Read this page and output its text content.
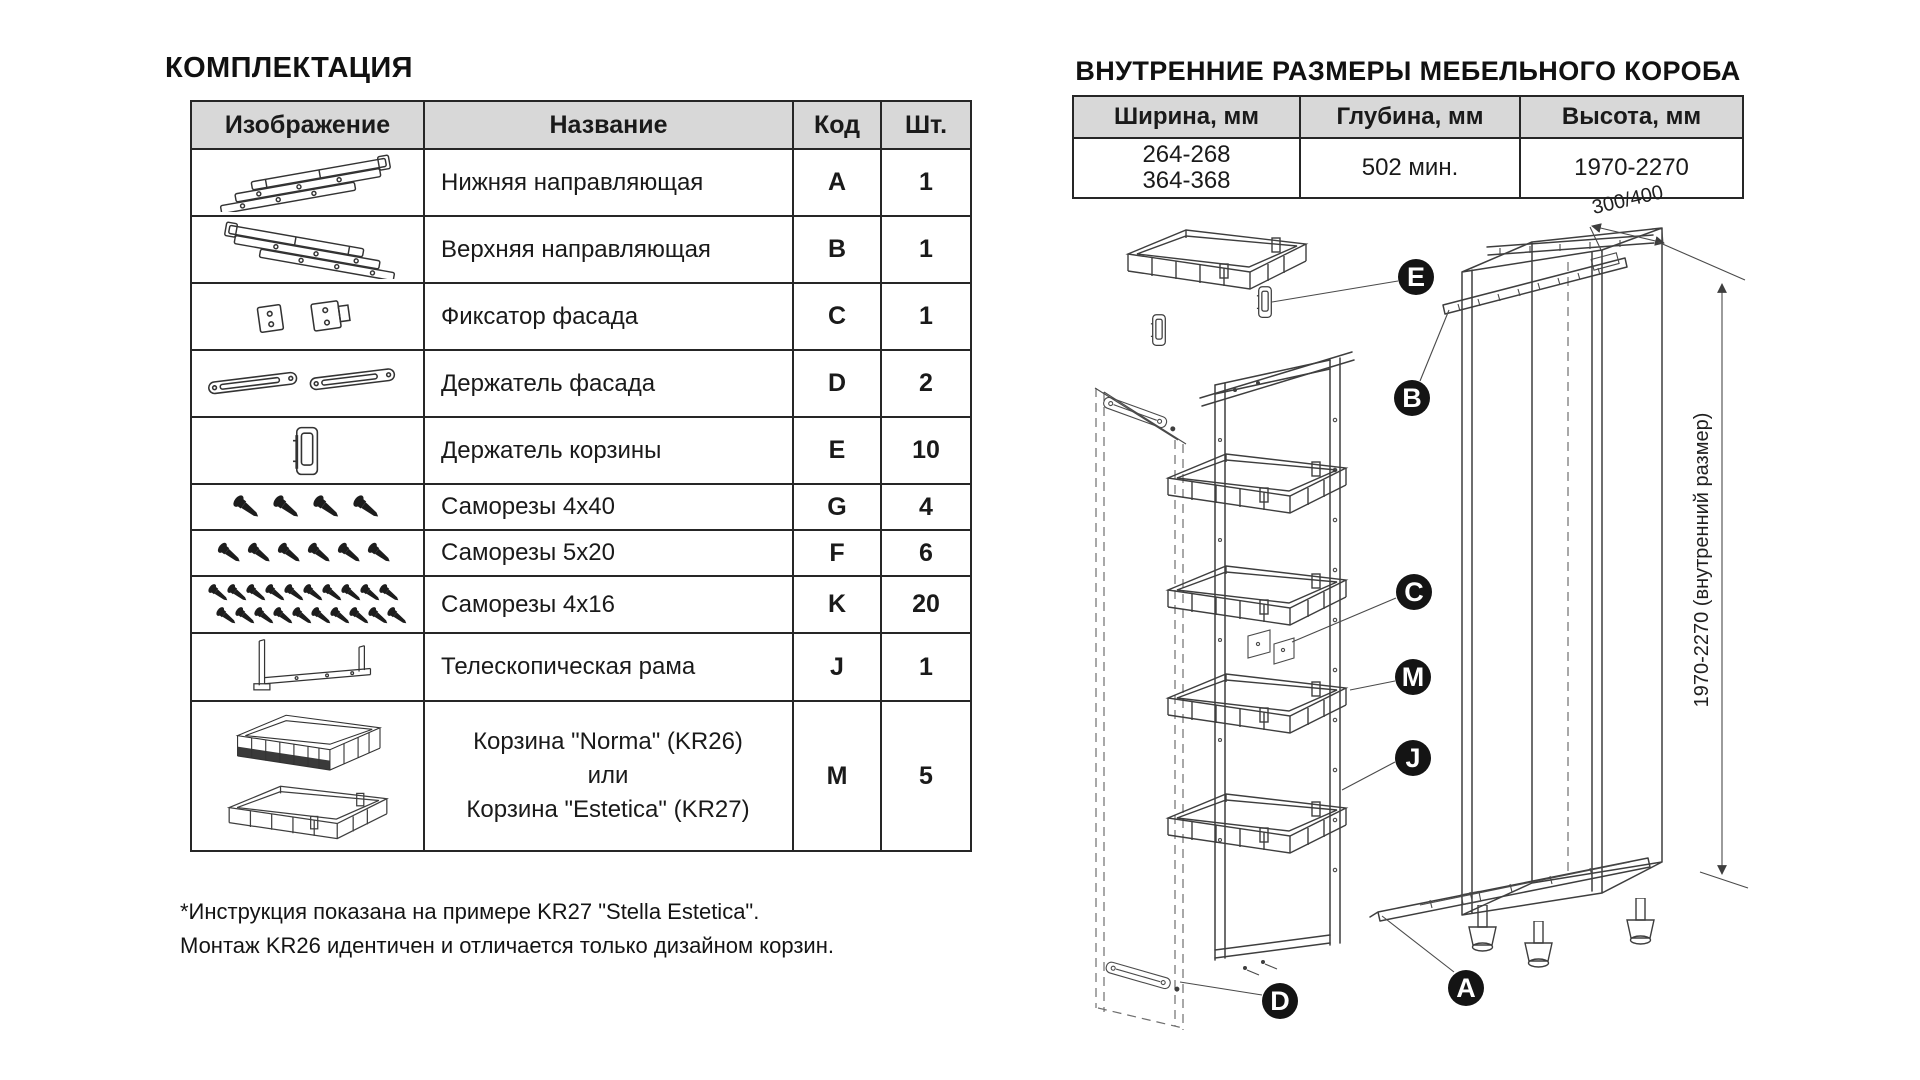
КОМПЛЕКТАЦИЯ
Изображение	Название	Код	Шт.
	Нижняя направляющая	A	1
	Верхняя направляющая	B	1
	Фиксатор фасада	C	1
	Держатель фасада	D	2
	Держатель корзины	E	10
	Саморезы 4x40	G	4
	Саморезы 5x20	F	6
	Саморезы 4x16	K	20
	Телескопическая рама	J	1

Корзина "Norma" (KR26)
или
Корзина "Estetica" (KR27)	M	5
*Инструкция показана на примере KR27 "Stella Estetica".
Монтаж KR26 идентичен и отличается только дизайном корзин.
ВНУТРЕННИЕ РАЗМЕРЫ МЕБЕЛЬНОГО КОРОБА
Ширина, мм	Глубина, мм	Высота, мм

264-268
364-368	502 мин.	1970-2270
300/400
1970-2270 (внутренний размер)
E
B
C
M
J
D	A
